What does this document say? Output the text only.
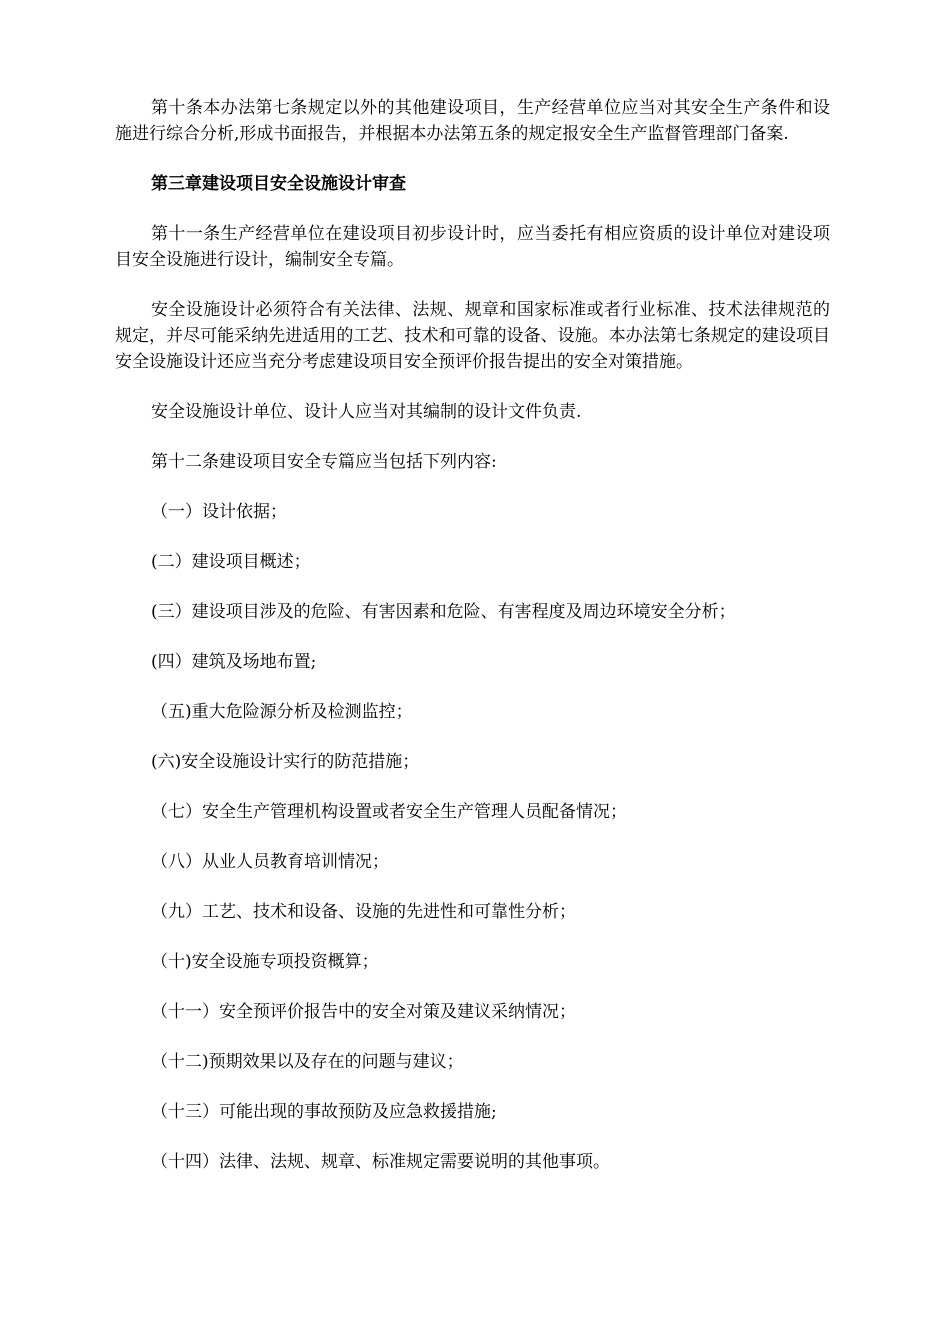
第十条本办法第七条规定以外的其他建设项目，生产经营单位应当对其安全生产条件和设施进行综合分析,形成书面报告，并根据本办法第五条的规定报安全生产监督管理部门备案.

第三章建设项目安全设施设计审查

第十一条生产经营单位在建设项目初步设计时，应当委托有相应资质的设计单位对建设项目安全设施进行设计，编制安全专篇。

安全设施设计必须符合有关法律、法规、规章和国家标准或者行业标准、技术法律规范的规定，并尽可能采纳先进适用的工艺、技术和可靠的设备、设施。本办法第七条规定的建设项目安全设施设计还应当充分考虑建设项目安全预评价报告提出的安全对策措施。

安全设施设计单位、设计人应当对其编制的设计文件负责.

第十二条建设项目安全专篇应当包括下列内容:

（一）设计依据；

(二）建设项目概述；

(三）建设项目涉及的危险、有害因素和危险、有害程度及周边环境安全分析；

(四）建筑及场地布置;

（五)重大危险源分析及检测监控；

(六)安全设施设计实行的防范措施；

（七）安全生产管理机构设置或者安全生产管理人员配备情况；

（八）从业人员教育培训情况；

（九）工艺、技术和设备、设施的先进性和可靠性分析；

（十)安全设施专项投资概算；

（十一）安全预评价报告中的安全对策及建议采纳情况；

（十二)预期效果以及存在的问题与建议；

（十三）可能出现的事故预防及应急救援措施;

（十四）法律、法规、规章、标准规定需要说明的其他事项。
